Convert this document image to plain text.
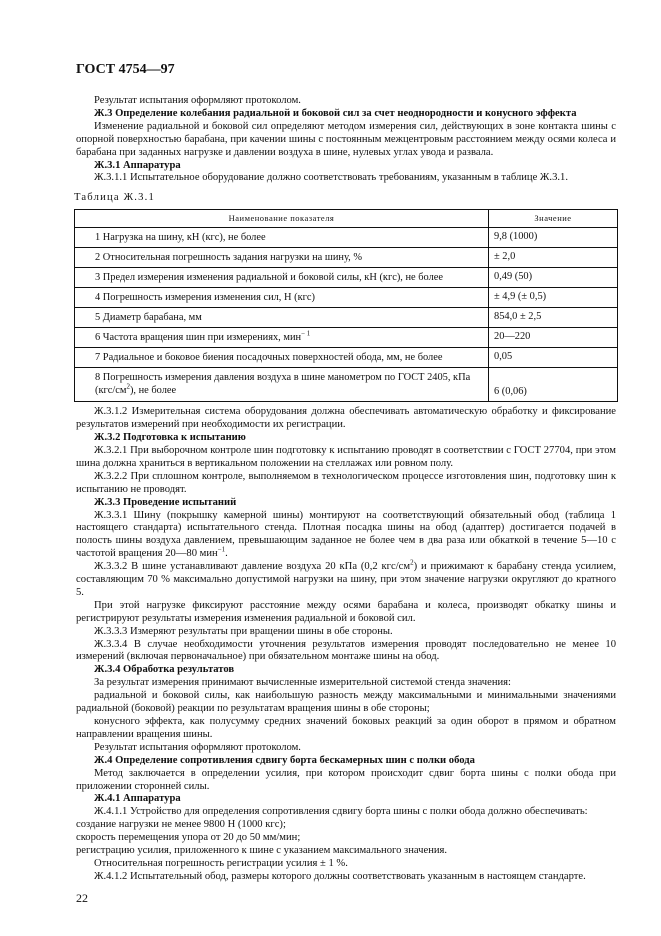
ГОСТ 4754—97

Результат испытания оформляют протоколом.

Ж.3 Определение колебания радиальной и боковой сил за счет неоднородности и конусного эффекта

Изменение радиальной и боковой сил определяют методом измерения сил, действующих в зоне контакта шины с опорной поверхностью барабана, при качении шины с постоянным межцентровым расстоянием между осями колеса и барабана при заданных нагрузке и давлении воздуха в шине, нулевых углах увода и развала.

Ж.3.1 Аппаратура

Ж.3.1.1 Испытательное оборудование должно соответствовать требованиям, указанным в таблице Ж.3.1.

Таблица Ж.3.1
Наименование показателя	Значение
1 Нагрузка на шину, кН (кгс), не более	9,8 (1000)
2 Относительная погрешность задания нагрузки на шину, %	± 2,0
3 Предел измерения изменения радиальной и боковой силы, кН (кгс), не более	0,49 (50)
4 Погрешность измерения изменения сил, Н (кгс)	± 4,9 (± 0,5)
5 Диаметр барабана, мм	854,0 ± 2,5
6 Частота вращения шин при измерениях, мин$^{- 1}$	20—220
7 Радиальное и боковое биения посадочных поверхностей обода, мм, не более	0,05
8 Погрешность измерения давления воздуха в шине манометром по ГОСТ 2405, кПа $(кгс/см^2)$, не более	6 (0,06)

Ж.3.1.2 Измерительная система оборудования должна обеспечивать автоматическую обработку и фиксирование результатов измерений при необходимости их регистрации.

Ж.3.2 Подготовка к испытанию

Ж.3.2.1 При выборочном контроле шин подготовку к испытанию проводят в соответствии с ГОСТ 27704, при этом шина должна храниться в вертикальном положении на стеллажах или ровном полу.

Ж.3.2.2 При сплошном контроле, выполняемом в технологическом процессе изготовления шин, подготовку шин к испытанию не проводят.

Ж.3.3 Проведение испытаний

Ж.3.3.1 Шину (покрышку камерной шины) монтируют на соответствующий обязательный обод (таблица 1 настоящего стандарта) испытательного стенда. Плотная посадка шины на обод (адаптер) достигается подачей в полость шины воздуха давлением, превышающим заданное не более чем в два раза или обкаткой в течение 5—10 с частотой вращения 20—80 мин$^{-1}$.

Ж.3.3.2 В шине устанавливают давление воздуха 20 кПа (0,2 кгс/$см^2$) и прижимают к барабану стенда усилием, составляющим 70 % максимально допустимой нагрузки на шину, при этом значение нагрузки округляют до кратного 5.

При этой нагрузке фиксируют расстояние между осями барабана и колеса, производят обкатку шины и регистрируют результаты измерения изменения радиальной и боковой сил.

Ж.3.3.3 Измеряют результаты при вращении шины в обе стороны.

Ж.3.3.4 В случае необходимости уточнения результатов измерения проводят последовательно не менее 10 измерений (включая первоначальное) при обязательном монтаже шины на обод.

Ж.3.4 Обработка результатов

За результат измерения принимают вычисленные измерительной системой стенда значения:

радиальной и боковой силы, как наибольшую разность между максимальными и минимальными значениями радиальной (боковой) реакции по результатам вращения шины в обе стороны;

конусного эффекта, как полусумму средних значений боковых реакций за один оборот в прямом и обратном направлении вращения шины.

Результат испытания оформляют протоколом.

Ж.4 Определение сопротивления сдвигу борта бескамерных шин с полки обода

Метод заключается в определении усилия, при котором происходит сдвиг борта шины с полки обода при приложении сторонней силы.

Ж.4.1 Аппаратура

Ж.4.1.1 Устройство для определения сопротивления сдвигу борта шины с полки обода должно обеспечивать:

создание нагрузки не менее 9800 Н (1000 кгс);

скорость перемещения упора от 20 до 50 мм/мин;

регистрацию усилия, приложенного к шине с указанием максимального значения.

Относительная погрешность регистрации усилия ± 1 %.

Ж.4.1.2 Испытательный обод, размеры которого должны соответствовать указанным в настоящем стандарте.

22
